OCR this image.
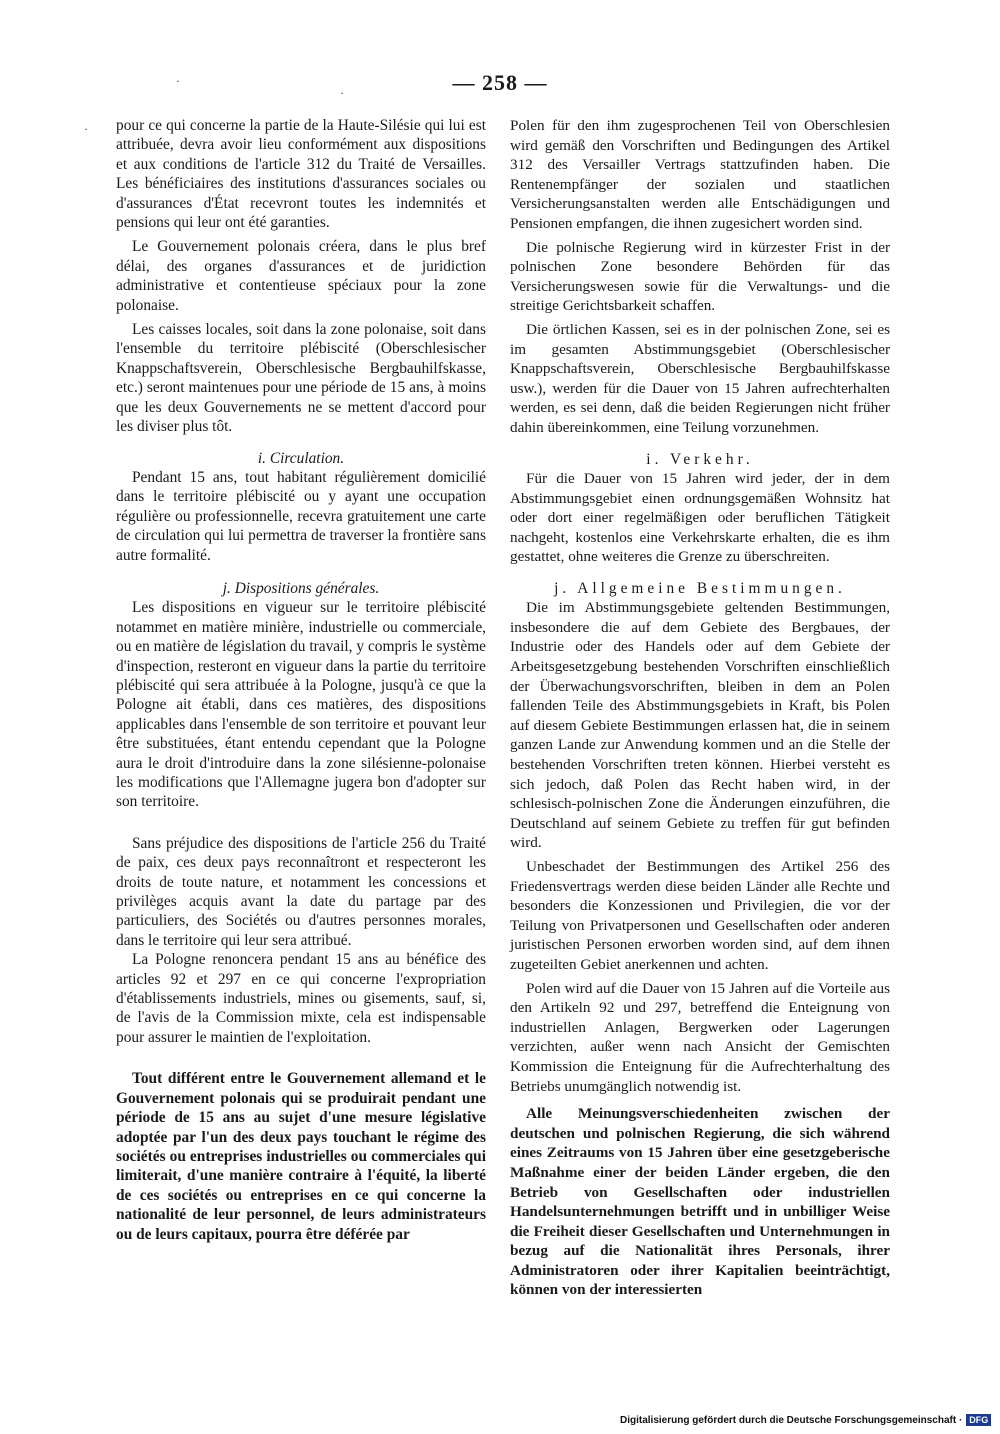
— 258 —
·
·
· pour ce qui concerne la partie de la Haute-Silésie qui lui est attribuée, devra avoir lieu conformément aux dispositions et aux conditions de l'article 312 du Traité de Versailles. Les bénéficiaires des institutions d'assurances sociales ou d'assurances d'État recevront toutes les indemnités et pensions qui leur ont été garanties.

Le Gouvernement polonais créera, dans le plus bref délai, des organes d'assurances et de juridiction administrative et contentieuse spéciaux pour la zone polonaise.

Les caisses locales, soit dans la zone polonaise, soit dans l'ensemble du territoire plébiscité (Oberschlesischer Knappschaftsverein, Oberschlesische Bergbauhilfskasse, etc.) seront maintenues pour une période de 15 ans, à moins que les deux Gouvernements ne se mettent d'accord pour les diviser plus tôt.

i. Circulation.

Pendant 15 ans, tout habitant régulièrement domicilié dans le territoire plébiscité ou y ayant une occupation régulière ou professionnelle, recevra gratuitement une carte de circulation qui lui permettra de traverser la frontière sans autre formalité.

j. Dispositions générales.

Les dispositions en vigueur sur le territoire plébiscité notammet en matière minière, industrielle ou commerciale, ou en matière de législation du travail, y compris le système d'inspection, resteront en vigueur dans la partie du territoire plébiscité qui sera attribuée à la Pologne, jusqu'à ce que la Pologne ait établi, dans ces matières, des dispositions applicables dans l'ensemble de son territoire et pouvant leur être substituées, étant entendu cependant que la Pologne aura le droit d'introduire dans la zone silésienne-polonaise les modifications que l'Allemagne jugera bon d'adopter sur son territoire.

Sans préjudice des dispositions de l'article 256 du Traité de paix, ces deux pays reconnaîtront et respecteront les droits de toute nature, et notamment les concessions et privilèges acquis avant la date du partage par des particuliers, des Sociétés ou d'autres personnes morales, dans le territoire qui leur sera attribué.

La Pologne renoncera pendant 15 ans au bénéfice des articles 92 et 297 en ce qui concerne l'expropriation d'établissements industriels, mines ou gisements, sauf, si, de l'avis de la Commission mixte, cela est indispensable pour assurer le maintien de l'exploitation.

Tout différent entre le Gouvernement allemand et le Gouvernement polonais qui se produirait pendant une période de 15 ans au sujet d'une mesure législative adoptée par l'un des deux pays touchant le régime des sociétés ou entreprises industrielles ou commerciales qui limiterait, d'une manière contraire à l'équité, la liberté de ces sociétés ou entreprises en ce qui concerne la nationalité de leur personnel, de leurs administrateurs ou de leurs capitaux, pourra être déférée par

Polen für den ihm zugesprochenen Teil von Oberschlesien wird gemäß den Vorschriften und Bedingungen des Artikel 312 des Versailler Vertrags stattzufinden haben. Die Rentenempfänger der sozialen und staatlichen Versicherungsanstalten werden alle Entschädigungen und Pensionen empfangen, die ihnen zugesichert worden sind.

Die polnische Regierung wird in kürzester Frist in der polnischen Zone besondere Behörden für das Versicherungswesen sowie für die Verwaltungs- und die streitige Gerichtsbarkeit schaffen.

Die örtlichen Kassen, sei es in der polnischen Zone, sei es im gesamten Abstimmungsgebiet (Oberschlesischer Knappschaftsverein, Oberschlesische Bergbauhilfskasse usw.), werden für die Dauer von 15 Jahren aufrechterhalten werden, es sei denn, daß die beiden Regierungen nicht früher dahin übereinkommen, eine Teilung vorzunehmen.

i. Verkehr.

Für die Dauer von 15 Jahren wird jeder, der in dem Abstimmungsgebiet einen ordnungsgemäßen Wohnsitz hat oder dort einer regelmäßigen oder beruflichen Tätigkeit nachgeht, kostenlos eine Verkehrskarte erhalten, die es ihm gestattet, ohne weiteres die Grenze zu überschreiten.

j. Allgemeine Bestimmungen.

Die im Abstimmungsgebiete geltenden Bestimmungen, insbesondere die auf dem Gebiete des Bergbaues, der Industrie oder des Handels oder auf dem Gebiete der Arbeitsgesetzgebung bestehenden Vorschriften einschließlich der Überwachungsvorschriften, bleiben in dem an Polen fallenden Teile des Abstimmungsgebiets in Kraft, bis Polen auf diesem Gebiete Bestimmungen erlassen hat, die in seinem ganzen Lande zur Anwendung kommen und an die Stelle der bestehenden Vorschriften treten können. Hierbei versteht es sich jedoch, daß Polen das Recht haben wird, in der schlesisch-polnischen Zone die Änderungen einzuführen, die Deutschland auf seinem Gebiete zu treffen für gut befinden wird.

Unbeschadet der Bestimmungen des Artikel 256 des Friedensvertrags werden diese beiden Länder alle Rechte und besonders die Konzessionen und Privilegien, die vor der Teilung von Privatpersonen und Gesellschaften oder anderen juristischen Personen erworben worden sind, auf dem ihnen zugeteilten Gebiet anerkennen und achten.

Polen wird auf die Dauer von 15 Jahren auf die Vorteile aus den Artikeln 92 und 297, betreffend die Enteignung von industriellen Anlagen, Bergwerken oder Lagerungen verzichten, außer wenn nach Ansicht der Gemischten Kommission die Enteignung für die Aufrechterhaltung des Betriebs unumgänglich notwendig ist.

Alle Meinungsverschiedenheiten zwischen der deutschen und polnischen Regierung, die sich während eines Zeitraums von 15 Jahren über eine gesetzgeberische Maßnahme einer der beiden Länder ergeben, die den Betrieb von Gesellschaften oder industriellen Handelsunternehmungen betrifft und in unbilliger Weise die Freiheit dieser Gesellschaften und Unternehmungen in bezug auf die Nationalität ihres Personals, ihrer Administratoren oder ihrer Kapitalien beeinträchtigt, können von der interessierten

Digitalisierung gefördert durch die Deutsche Forschungsgemeinschaft · DFG
